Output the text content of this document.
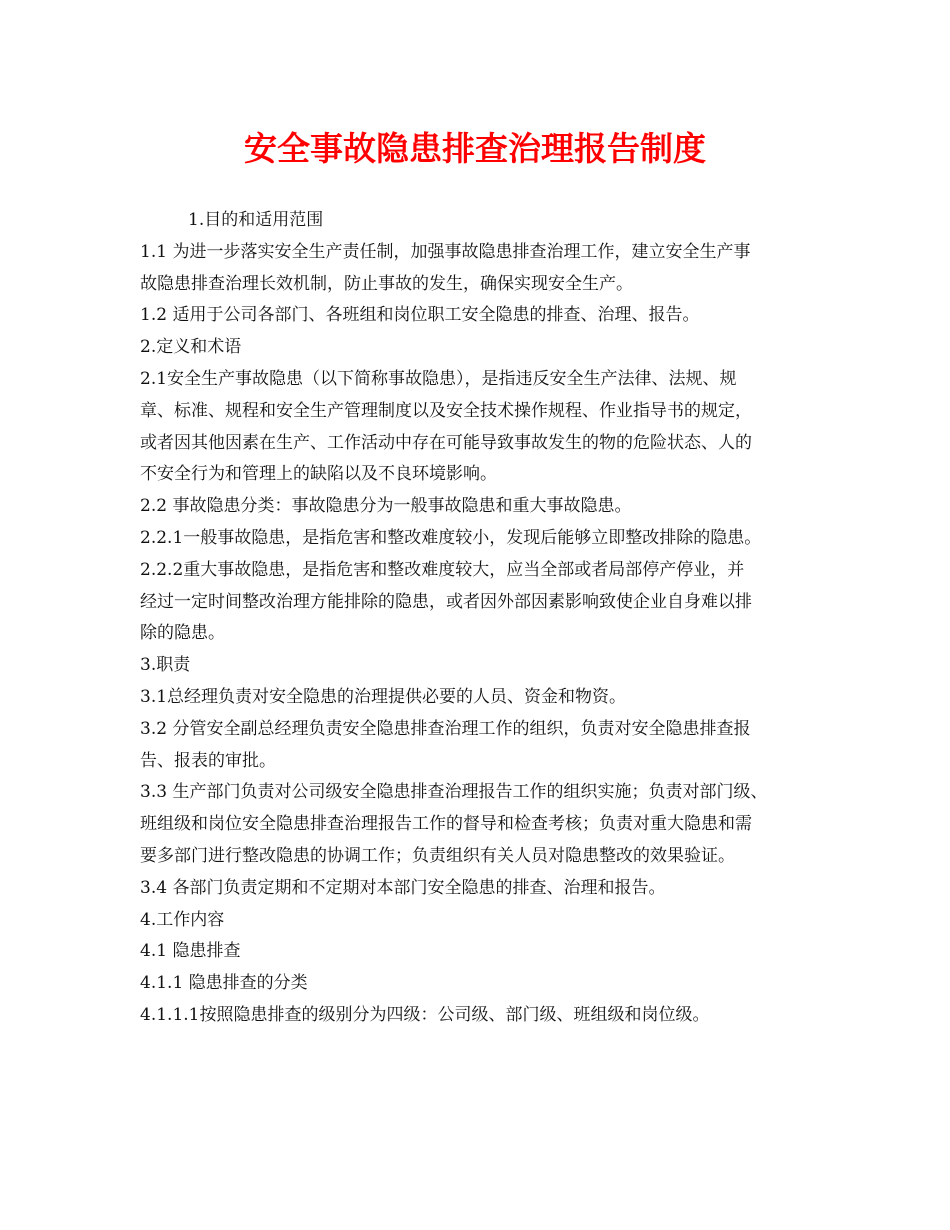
安全事故隐患排查治理报告制度
1.目的和适用范围
1.1 为进一步落实安全生产责任制，加强事故隐患排查治理工作，建立安全生产事
故隐患排查治理长效机制，防止事故的发生，确保实现安全生产。
1.2 适用于公司各部门、各班组和岗位职工安全隐患的排查、治理、报告。
2.定义和术语
2.1安全生产事故隐患（以下简称事故隐患），是指违反安全生产法律、法规、规
章、标准、规程和安全生产管理制度以及安全技术操作规程、作业指导书的规定，
或者因其他因素在生产、工作活动中存在可能导致事故发生的物的危险状态、人的
不安全行为和管理上的缺陷以及不良环境影响。
2.2 事故隐患分类：事故隐患分为一般事故隐患和重大事故隐患。
2.2.1一般事故隐患，是指危害和整改难度较小，发现后能够立即整改排除的隐患。
2.2.2重大事故隐患，是指危害和整改难度较大，应当全部或者局部停产停业，并
经过一定时间整改治理方能排除的隐患，或者因外部因素影响致使企业自身难以排
除的隐患。
3.职责
3.1总经理负责对安全隐患的治理提供必要的人员、资金和物资。
3.2 分管安全副总经理负责安全隐患排查治理工作的组织，负责对安全隐患排查报
告、报表的审批。
3.3 生产部门负责对公司级安全隐患排查治理报告工作的组织实施；负责对部门级、
班组级和岗位安全隐患排查治理报告工作的督导和检查考核；负责对重大隐患和需
要多部门进行整改隐患的协调工作；负责组织有关人员对隐患整改的效果验证。
3.4 各部门负责定期和不定期对本部门安全隐患的排查、治理和报告。
4.工作内容
4.1 隐患排查
4.1.1 隐患排查的分类
4.1.1.1按照隐患排查的级别分为四级：公司级、部门级、班组级和岗位级。
